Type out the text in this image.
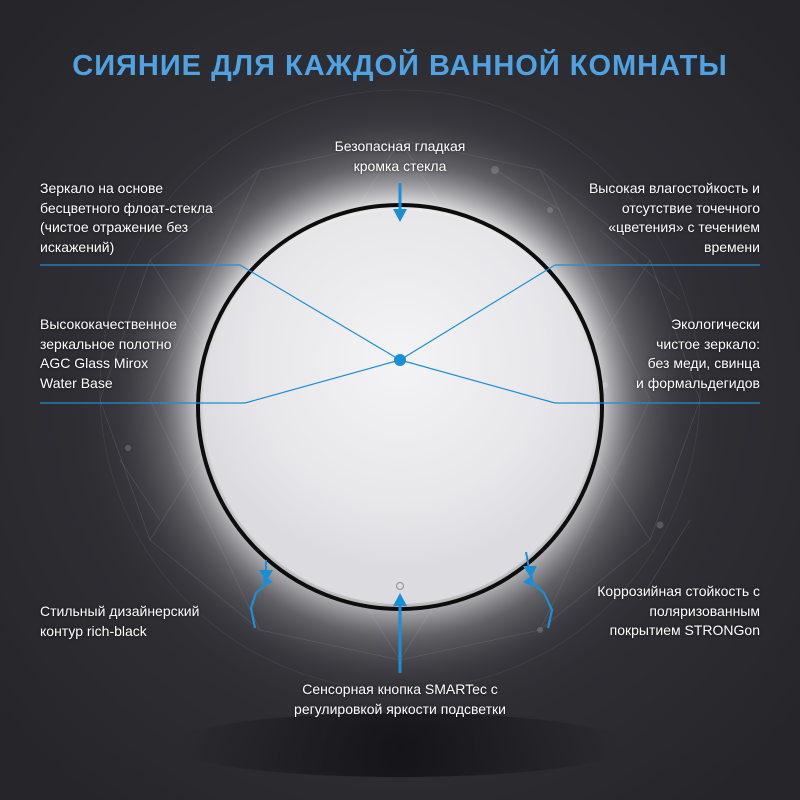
СИЯНИЕ ДЛЯ КАЖДОЙ ВАННОЙ КОМНАТЫ
Безопасная гладкая
кромка стекла
Зеркало на основе
бесцветного флоат-стекла
(чистое отражение без
искажений)
Высококачественное
зеркальное полотно
AGC Glass Mirox
Water Base
Стильный дизайнерский
контур rich-black
Высокая влагостойкость и
отсутствие точечного
«цветения» с течением
времени
Экологически
чистое зеркало:
без меди, свинца
и формальдегидов
Коррозийная стойкость с
поляризованным
покрытием STRONGon
Сенсорная кнопка SMARTec с
регулировкой яркости подсветки
